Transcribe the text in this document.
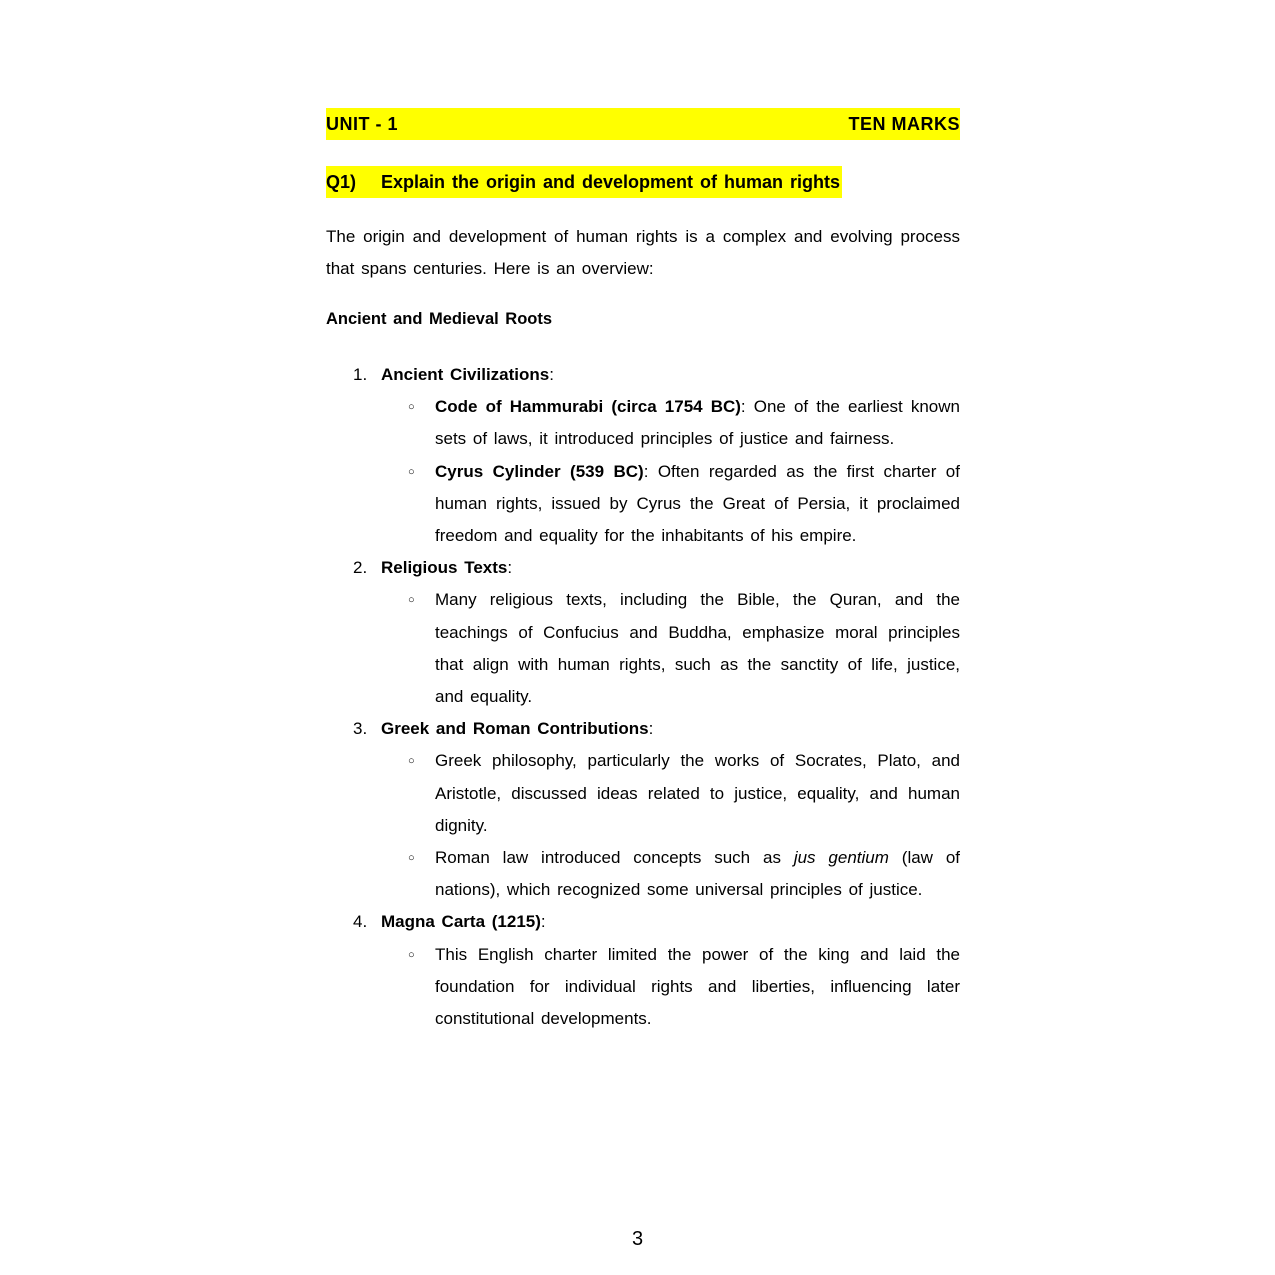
UNIT - 1	TEN MARKS
Q1)	Explain the origin and development of human rights

The origin and development of human rights is a complex and evolving process that spans centuries. Here is an overview:

Ancient and Medieval Roots

1. Ancient Civilizations:
○ Code of Hammurabi (circa 1754 BC): One of the earliest known sets of laws, it introduced principles of justice and fairness.
○ Cyrus Cylinder (539 BC): Often regarded as the first charter of human rights, issued by Cyrus the Great of Persia, it proclaimed freedom and equality for the inhabitants of his empire.
2. Religious Texts:
○ Many religious texts, including the Bible, the Quran, and the teachings of Confucius and Buddha, emphasize moral principles that align with human rights, such as the sanctity of life, justice, and equality.
3. Greek and Roman Contributions:
○ Greek philosophy, particularly the works of Socrates, Plato, and Aristotle, discussed ideas related to justice, equality, and human dignity.
○ Roman law introduced concepts such as jus gentium (law of nations), which recognized some universal principles of justice.
4. Magna Carta (1215):
○ This English charter limited the power of the king and laid the foundation for individual rights and liberties, influencing later constitutional developments.
3
